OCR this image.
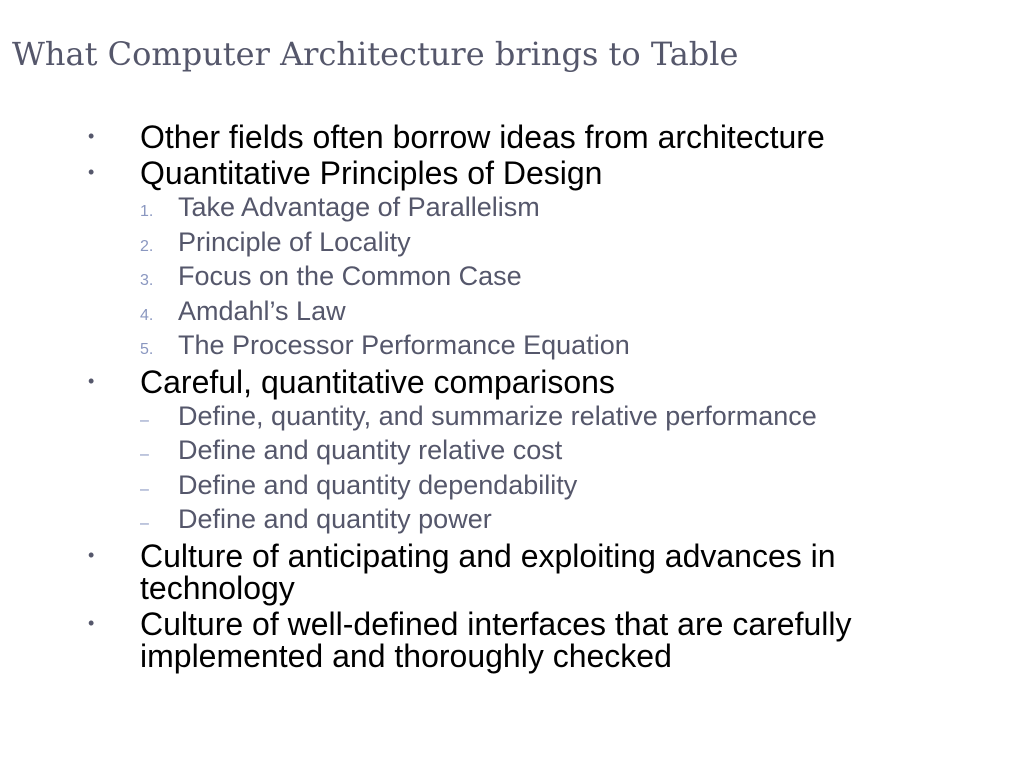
What Computer Architecture brings to Table
•	Other fields often borrow ideas from architecture
•	Quantitative Principles of Design
1. Take Advantage of Parallelism
2. Principle of Locality
3. Focus on the Common Case
4. Amdahl’s Law
5. The Processor Performance Equation
•	Careful, quantitative comparisons
–	Define, quantity, and summarize relative performance
–	Define and quantity relative cost
–	Define and quantity dependability
–	Define and quantity power
•	Culture of anticipating and exploiting advances in technology
•	Culture of well-defined interfaces that are carefully implemented and thoroughly checked
